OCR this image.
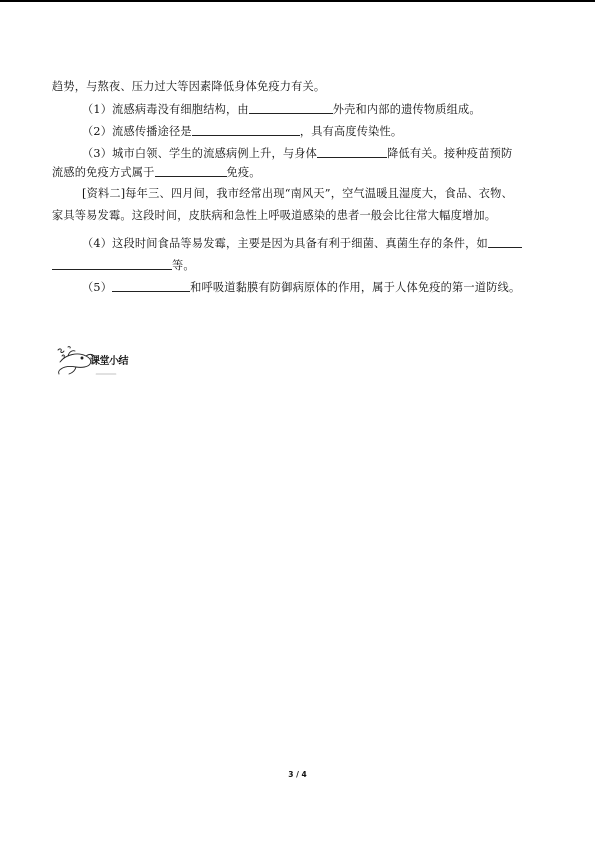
趋势，与熬夜、压力过大等因素降低身体免疫力有关。
（1）流感病毒没有细胞结构，由	外壳和内部的遗传物质组成。
（2）流感传播途径是	，具有高度传染性。
（3）城市白领、学生的流感病例上升，与身体	降低有关。接种疫苗预防
流感的免疫方式属于	免疫。
[资料二]每年三、四月间，我市经常出现“南风天”，空气温暖且湿度大，食品、衣物、
家具等易发霉。这段时间，皮肤病和急性上呼吸道感染的患者一般会比往常大幅度增加。
（4）这段时间食品等易发霉，主要是因为具备有利于细菌、真菌生存的条件，如
等。
（5）	和呼吸道黏膜有防御病原体的作用，属于人体免疫的第一道防线。
课堂小结
3 / 4
